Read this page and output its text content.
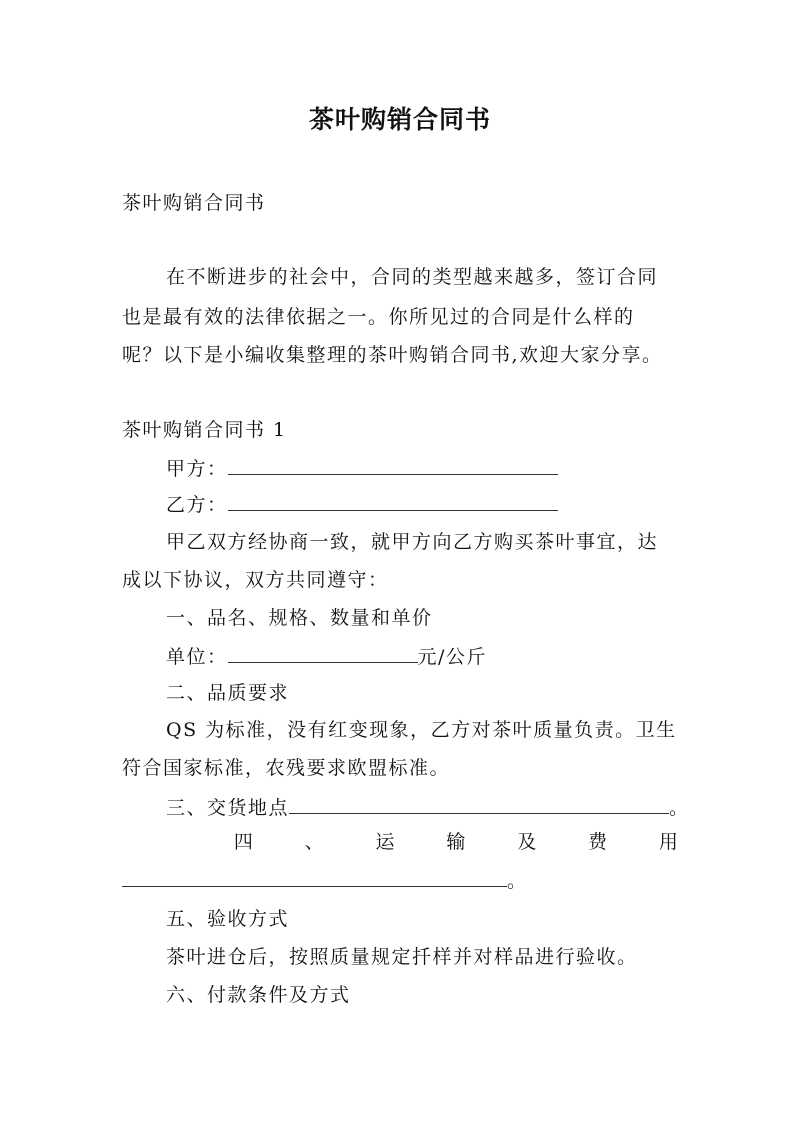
茶叶购销合同书
茶叶购销合同书
在不断进步的社会中，合同的类型越来越多，签订合同
也是最有效的法律依据之一。你所见过的合同是什么样的
呢？以下是小编收集整理的茶叶购销合同书,欢迎大家分享。
茶叶购销合同书 1
甲方：
乙方：
甲乙双方经协商一致，就甲方向乙方购买茶叶事宜，达
成以下协议，双方共同遵守：
一、品名、规格、数量和单价
单位：	元/公斤
二、品质要求
QS 为标准，没有红变现象，乙方对茶叶质量负责。卫生
符合国家标准，农残要求欧盟标准。
三、交货地点	。
四	、	运	输	及	费	用
。
五、验收方式
茶叶进仓后，按照质量规定扦样并对样品进行验收。
六、付款条件及方式
